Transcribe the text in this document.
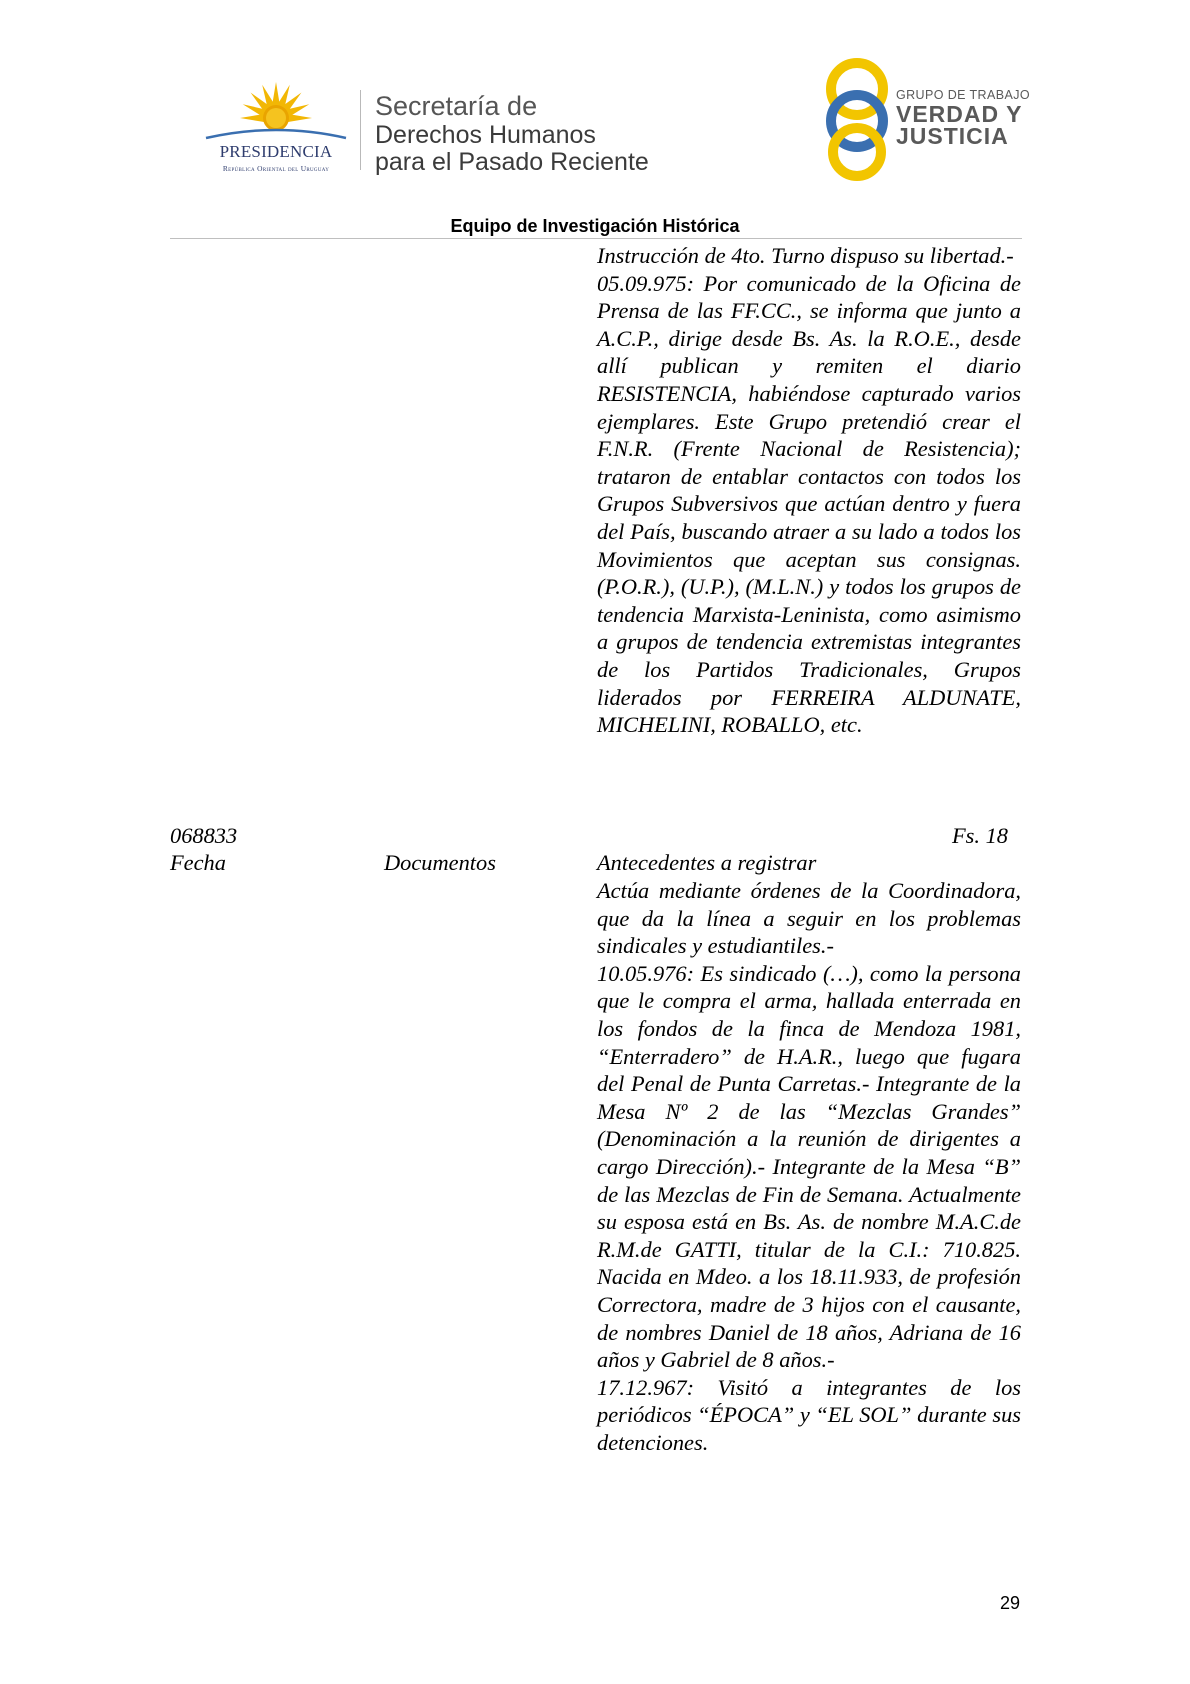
PRESIDENCIA
República Oriental del Uruguay
Secretaría de
Derechos Humanos
para el Pasado Reciente
GRUPO DE TRABAJO
VERDAD Y
JUSTICIA
Equipo de Investigación Histórica

Instrucción de 4to. Turno dispuso su libertad.-

05.09.975: Por comunicado de la Oficina de Prensa de las FF.CC., se informa que junto a A.C.P., dirige desde Bs. As. la R.O.E., desde allí publican y remiten el diario RESISTENCIA, habiéndose capturado varios ejemplares. Este Grupo pretendió crear el F.N.R. (Frente Nacional de Resistencia); trataron de entablar contactos con todos los Grupos Subversivos que actúan dentro y fuera del País, buscando atraer a su lado a todos los Movimientos que aceptan sus consignas. (P.O.R.), (U.P.), (M.L.N.) y todos los grupos de tendencia Marxista-Leninista, como asimismo a grupos de tendencia extremistas integrantes de los Partidos Tradicionales, Grupos liderados por FERREIRA ALDUNATE, MICHELINI, ROBALLO, etc.

068833	Fs. 18
Fecha	Documentos	Antecedentes a registrar

Actúa mediante órdenes de la Coordinadora, que da la línea a seguir en los problemas sindicales y estudiantiles.-

10.05.976: Es sindicado (…), como la persona que le compra el arma, hallada enterrada en los fondos de la finca de Mendoza 1981, “Enterradero” de H.A.R., luego que fugara del Penal de Punta Carretas.- Integrante de la Mesa Nº 2 de las “Mezclas Grandes” (Denominación a la reunión de dirigentes a cargo Dirección).- Integrante de la Mesa “B” de las Mezclas de Fin de Semana. Actualmente su esposa está en Bs. As. de nombre M.A.C.de R.M.de GATTI, titular de la C.I.: 710.825. Nacida en Mdeo. a los 18.11.933, de profesión Correctora, madre de 3 hijos con el causante, de nombres Daniel de 18 años, Adriana de 16 años y Gabriel de 8 años.-

17.12.967: Visitó a integrantes de los periódicos “ÉPOCA” y “EL SOL” durante sus detenciones.

29
